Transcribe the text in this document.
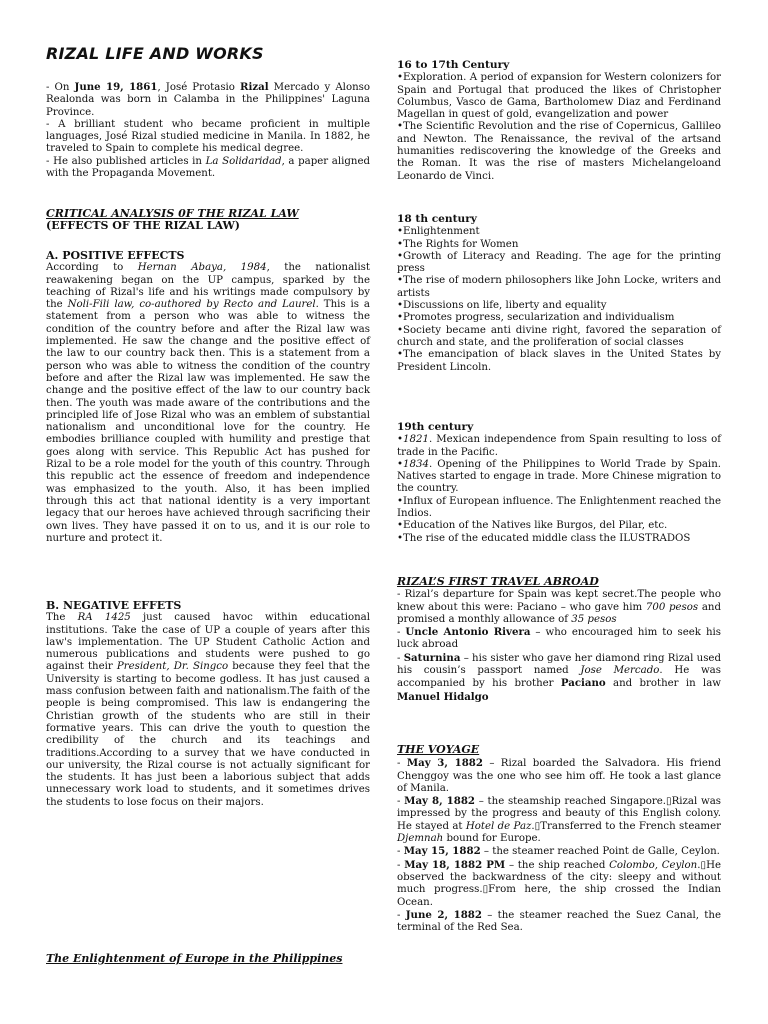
RIZAL LIFE AND WORKS

- On June 19, 1861, José Protasio Rizal Mercado y Alonso Realonda was born in Calamba in the Philippines' Laguna Province.

- A brilliant student who became proficient in multiple languages, José Rizal studied medicine in Manila. In 1882, he traveled to Spain to complete his medical degree.

- He also published articles in La Solidaridad, a paper aligned with the Propaganda Movement.

CRITICAL ANALYSIS 0F THE RIZAL LAW
(EFFECTS OF THE RIZAL LAW)
A. POSITIVE EFFECTS

According to Hernan Abaya, 1984, the nationalist reawakening began on the UP campus, sparked by the teaching of Rizal's life and his writings made compulsory by the Noli-Fili law, co-authored by Recto and Laurel. This is a statement from a person who was able to witness the condition of the country before and after the Rizal law was implemented. He saw the change and the positive effect of the law to our country back then. This is a statement from a person who was able to witness the condition of the country before and after the Rizal law was implemented. He saw the change and the positive effect of the law to our country back then. The youth was made aware of the contributions and the principled life of Jose Rizal who was an emblem of substantial nationalism and unconditional love for the country. He embodies brilliance coupled with humility and prestige that goes along with service. This Republic Act has pushed for Rizal to be a role model for the youth of this country. Through this republic act the essence of freedom and independence was emphasized to the youth. Also, it has been implied through this act that national identity is a very important legacy that our heroes have achieved through sacrificing their own lives. They have passed it on to us, and it is our role to nurture and protect it.

B. NEGATIVE EFFETS

The RA 1425 just caused havoc within educational institutions. Take the case of UP a couple of years after this law's implementation. The UP Student Catholic Action and numerous publications and students were pushed to go against their President, Dr. Singco because they feel that the University is starting to become godless. It has just caused a mass confusion between faith and nationalism.The faith of the people is being compromised. This law is endangering the Christian growth of the students who are still in their formative years. This can drive the youth to question the credibility of the church and its teachings and traditions.According to a survey that we have conducted in our university, the Rizal course is not actually significant for the students. It has just been a laborious subject that adds unnecessary work load to students, and it sometimes drives the students to lose focus on their majors.

The Enlightenment of Europe in the Philippines
16 to 17th Century

•Exploration. A period of expansion for Western colonizers for Spain and Portugal that produced the likes of Christopher Columbus, Vasco de Gama, Bartholomew Diaz and Ferdinand Magellan in quest of gold, evangelization and power

•The Scientific Revolution and the rise of Copernicus, Gallileo and Newton. The Renaissance, the revival of the artsand humanities rediscovering the knowledge of the Greeks and the Roman. It was the rise of masters Michelangeloand Leonardo de Vinci.

18 th century

•Enlightenment

•The Rights for Women

•Growth of Literacy and Reading. The age for the printing press

•The rise of modern philosophers like John Locke, writers and artists

•Discussions on life, liberty and equality

•Promotes progress, secularization and individualism

•Society became anti divine right, favored the separation of church and state, and the proliferation of social classes

•The emancipation of black slaves in the United States by President Lincoln.

19th century

•1821. Mexican independence from Spain resulting to loss of trade in the Pacific.

•1834. Opening of the Philippines to World Trade by Spain. Natives started to engage in trade. More Chinese migration to the country.

•Influx of European influence. The Enlightenment reached the Indios.

•Education of the Natives like Burgos, del Pilar, etc.

•The rise of the educated middle class the ILUSTRADOS

RIZAL’S FIRST TRAVEL ABROAD

- Rizal’s departure for Spain was kept secret.The people who knew about this were: Paciano – who gave him 700 pesos and promised a monthly allowance of 35 pesos

- Uncle Antonio Rivera – who encouraged him to seek his luck abroad

- Saturnina – his sister who gave her diamond ring Rizal used his cousin’s passport named Jose Mercado. He was accompanied by his brother Paciano and brother in law Manuel Hidalgo

THE VOYAGE

- May 3, 1882 – Rizal boarded the Salvadora. His friend Chenggoy was the one who see him off. He took a last glance of Manila.

- May 8, 1882 – the steamship reached Singapore.▯Rizal was impressed by the progress and beauty of this English colony. He stayed at Hotel de Paz.▯Transferred to the French steamer Djemnah bound for Europe.

- May 15, 1882 – the steamer reached Point de Galle, Ceylon.

- May 18, 1882 PM – the ship reached Colombo, Ceylon.▯He observed the backwardness of the city: sleepy and without much progress.▯From here, the ship crossed the Indian Ocean.

- June 2, 1882 – the steamer reached the Suez Canal, the terminal of the Red Sea.
